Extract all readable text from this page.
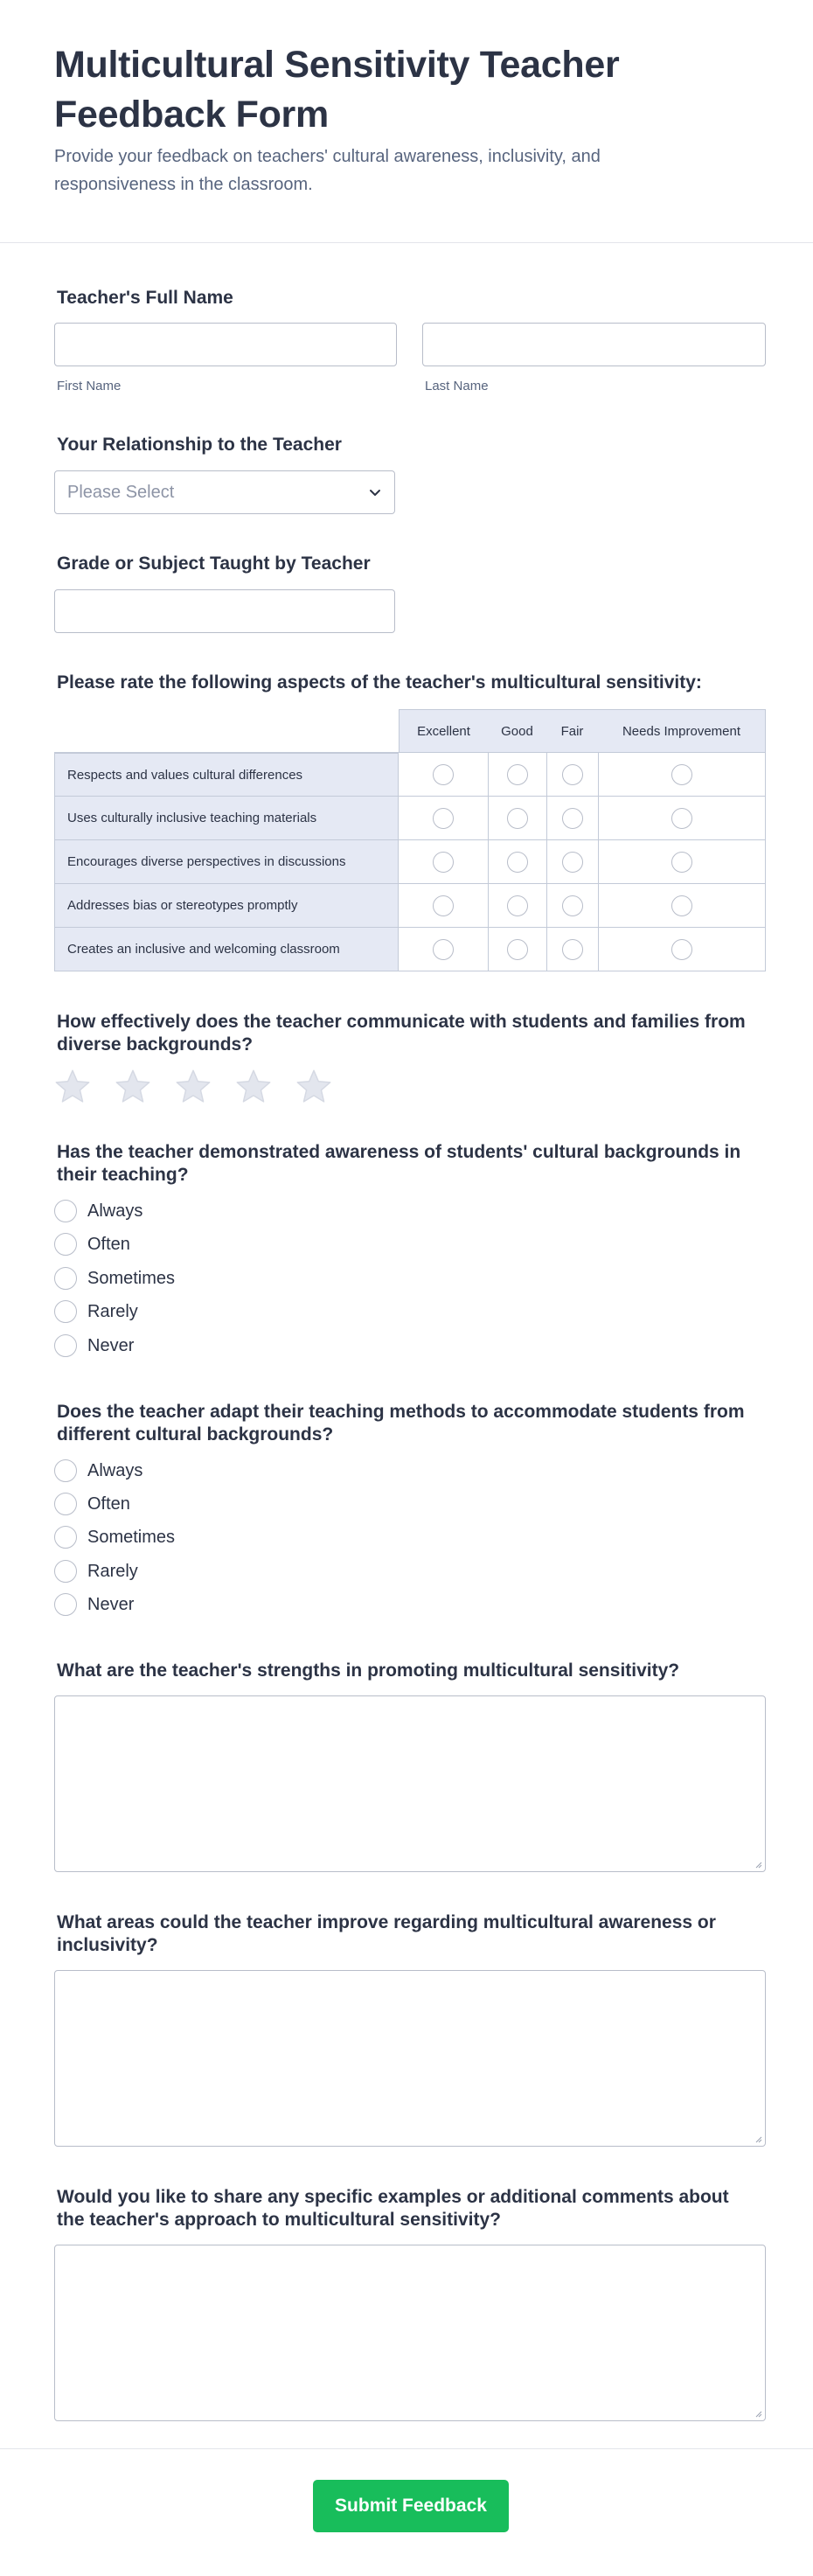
Multicultural Sensitivity Teacher Feedback Form

Provide your feedback on teachers' cultural awareness, inclusivity, and responsiveness in the classroom.

Teacher's Full Name
First Name	Last Name
Your Relationship to the Teacher
Please Select
Grade or Subject Taught by Teacher
Please rate the following aspects of the teacher's multicultural sensitivity:
Excellent	Good	Fair	Needs Improvement
Respects and values cultural differences
Uses culturally inclusive teaching materials
Encourages diverse perspectives in discussions
Addresses bias or stereotypes promptly
Creates an inclusive and welcoming classroom
How effectively does the teacher communicate with students and families from diverse backgrounds?
Has the teacher demonstrated awareness of students' cultural backgrounds in their teaching?
Always
Often
Sometimes
Rarely
Never
Does the teacher adapt their teaching methods to accommodate students from different cultural backgrounds?
Always
Often
Sometimes
Rarely
Never
What are the teacher's strengths in promoting multicultural sensitivity?
What areas could the teacher improve regarding multicultural awareness or inclusivity?
Would you like to share any specific examples or additional comments about the teacher's approach to multicultural sensitivity?
Submit Feedback
